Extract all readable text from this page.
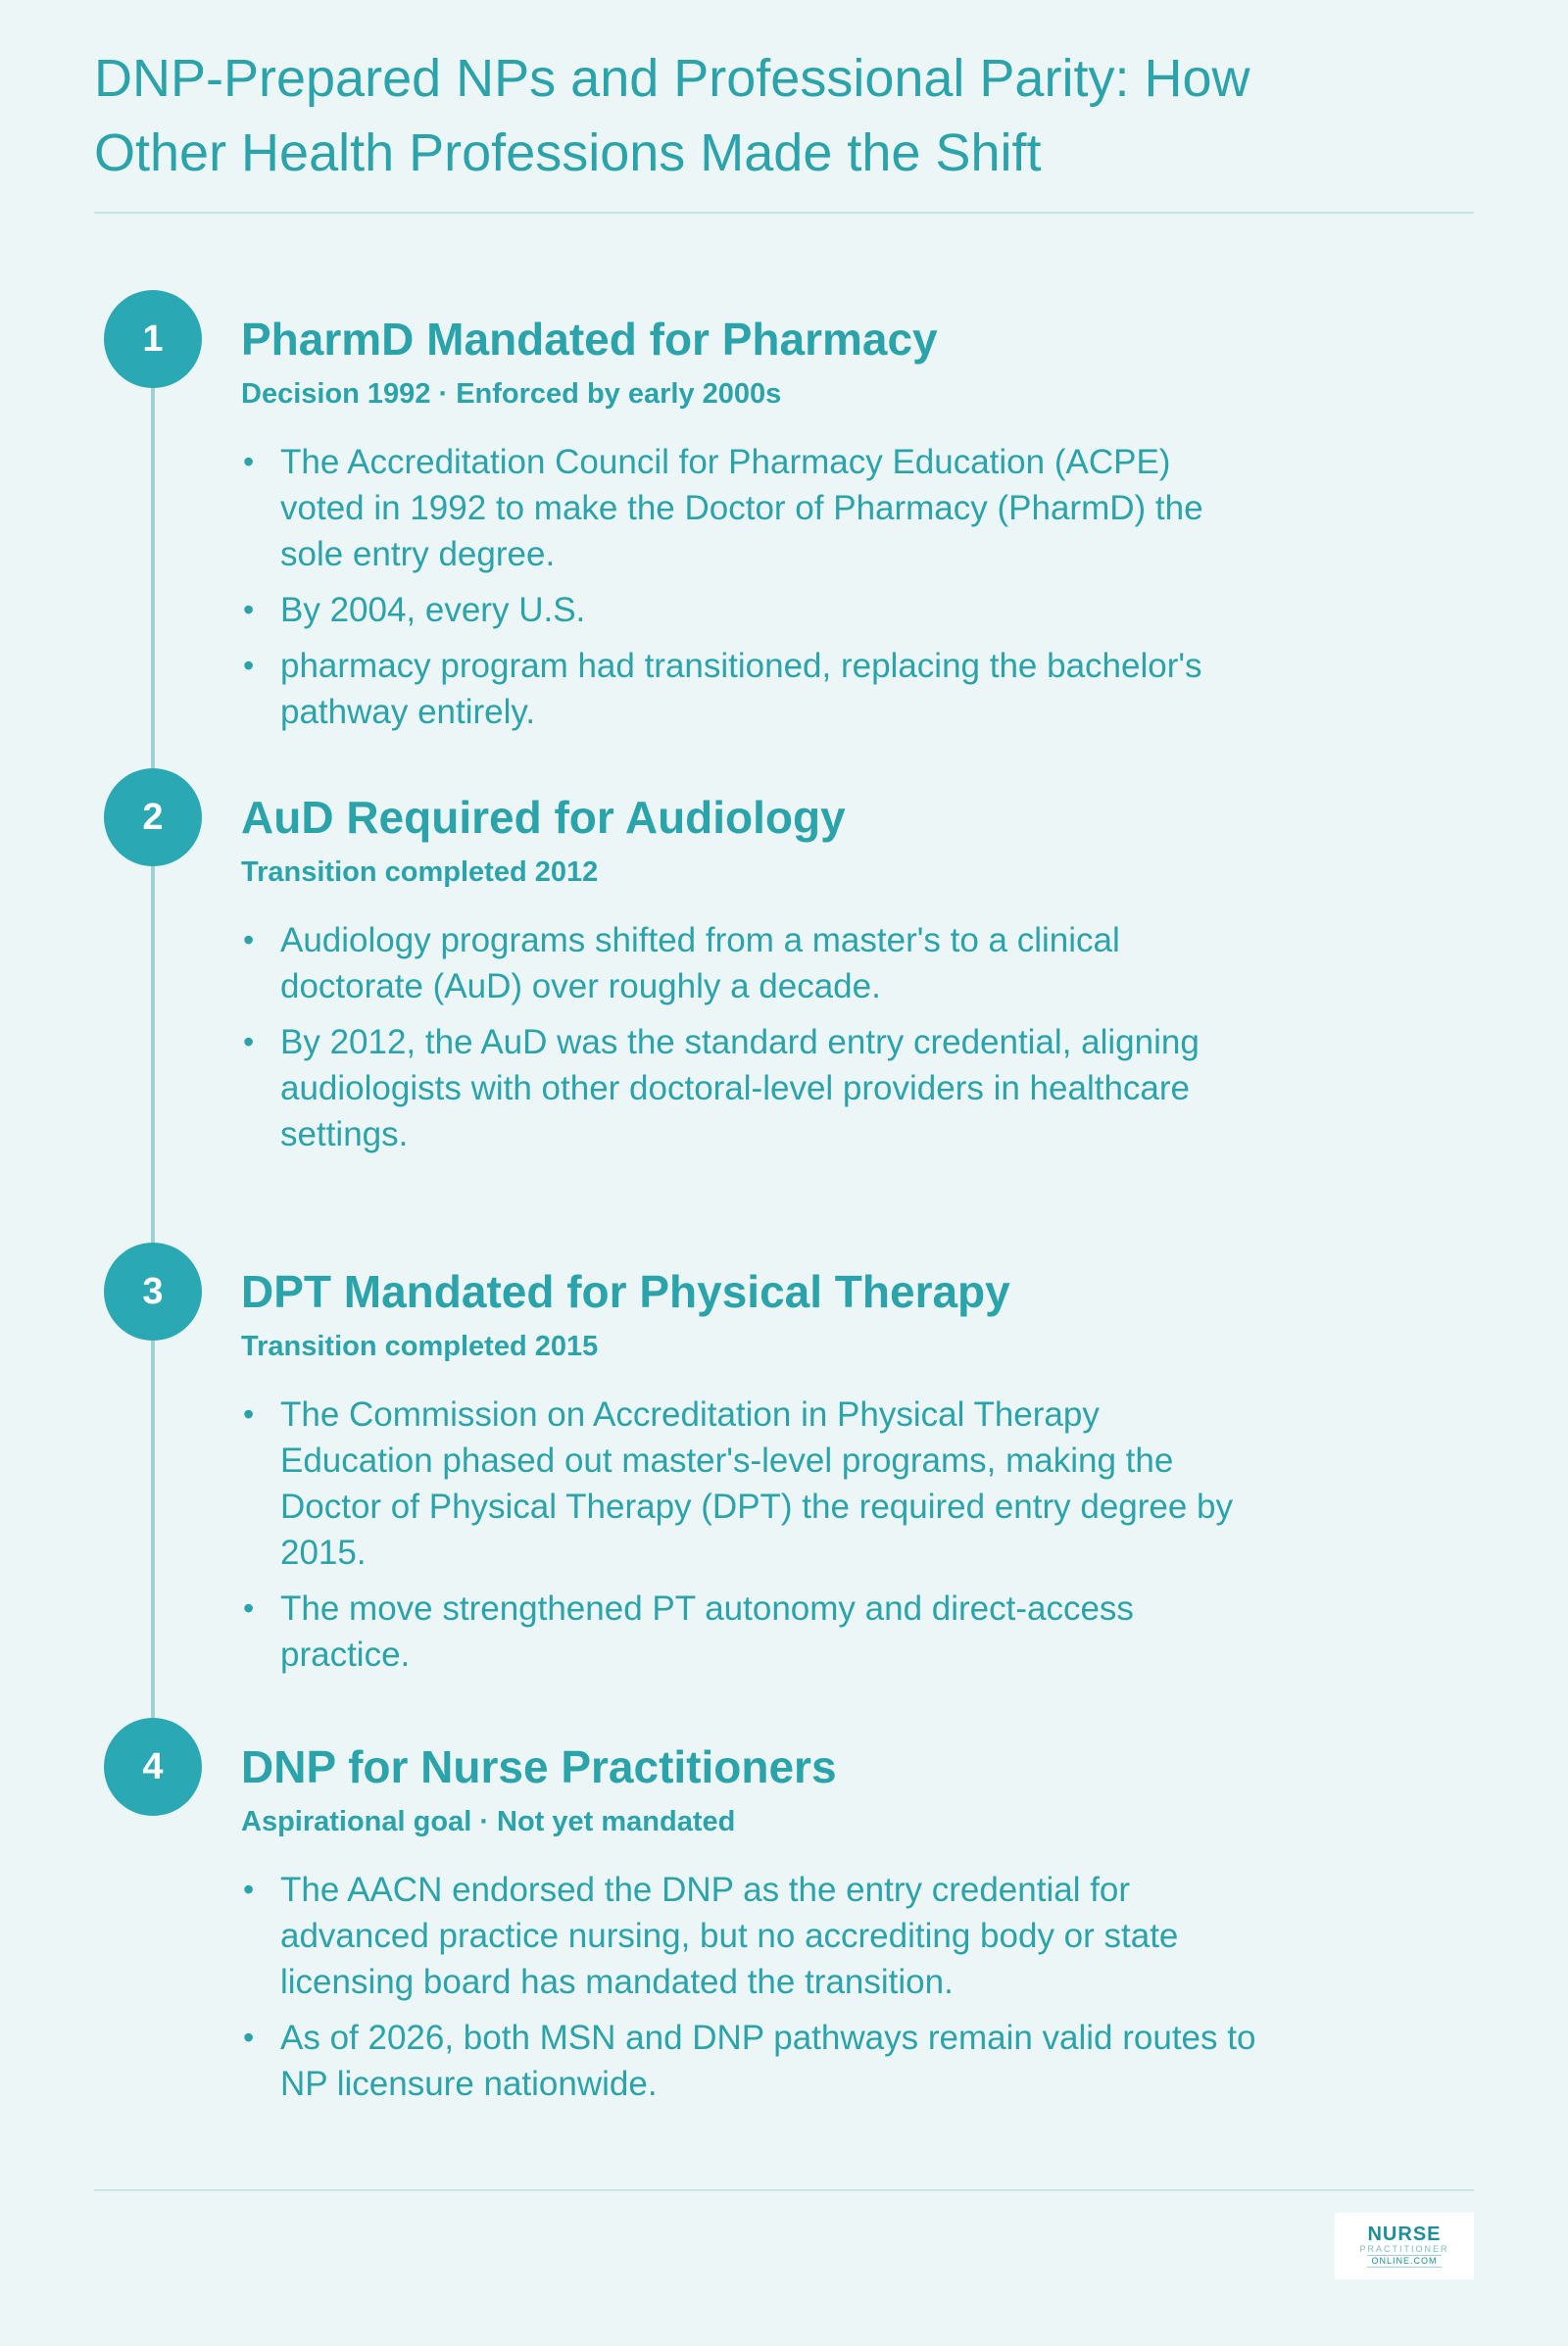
DNP-Prepared NPs and Professional Parity: How Other Health Professions Made the Shift
1	PharmD Mandated for Pharmacy

Decision 1992 · Enforced by early 2000s

• The Accreditation Council for Pharmacy Education (ACPE) voted in 1992 to make the Doctor of Pharmacy (PharmD) the sole entry degree.
• By 2004, every U.S.
• pharmacy program had transitioned, replacing the bachelor's pathway entirely.
2	AuD Required for Audiology

Transition completed 2012

• Audiology programs shifted from a master's to a clinical doctorate (AuD) over roughly a decade.
• By 2012, the AuD was the standard entry credential, aligning audiologists with other doctoral-level providers in healthcare settings.
3	DPT Mandated for Physical Therapy

Transition completed 2015

• The Commission on Accreditation in Physical Therapy Education phased out master's-level programs, making the Doctor of Physical Therapy (DPT) the required entry degree by 2015.
• The move strengthened PT autonomy and direct-access practice.
4	DNP for Nurse Practitioners

Aspirational goal · Not yet mandated

• The AACN endorsed the DNP as the entry credential for advanced practice nursing, but no accrediting body or state licensing board has mandated the transition.
• As of 2026, both MSN and DNP pathways remain valid routes to NP licensure nationwide.
NURSE
PRACTITIONER
ONLINE.COM
